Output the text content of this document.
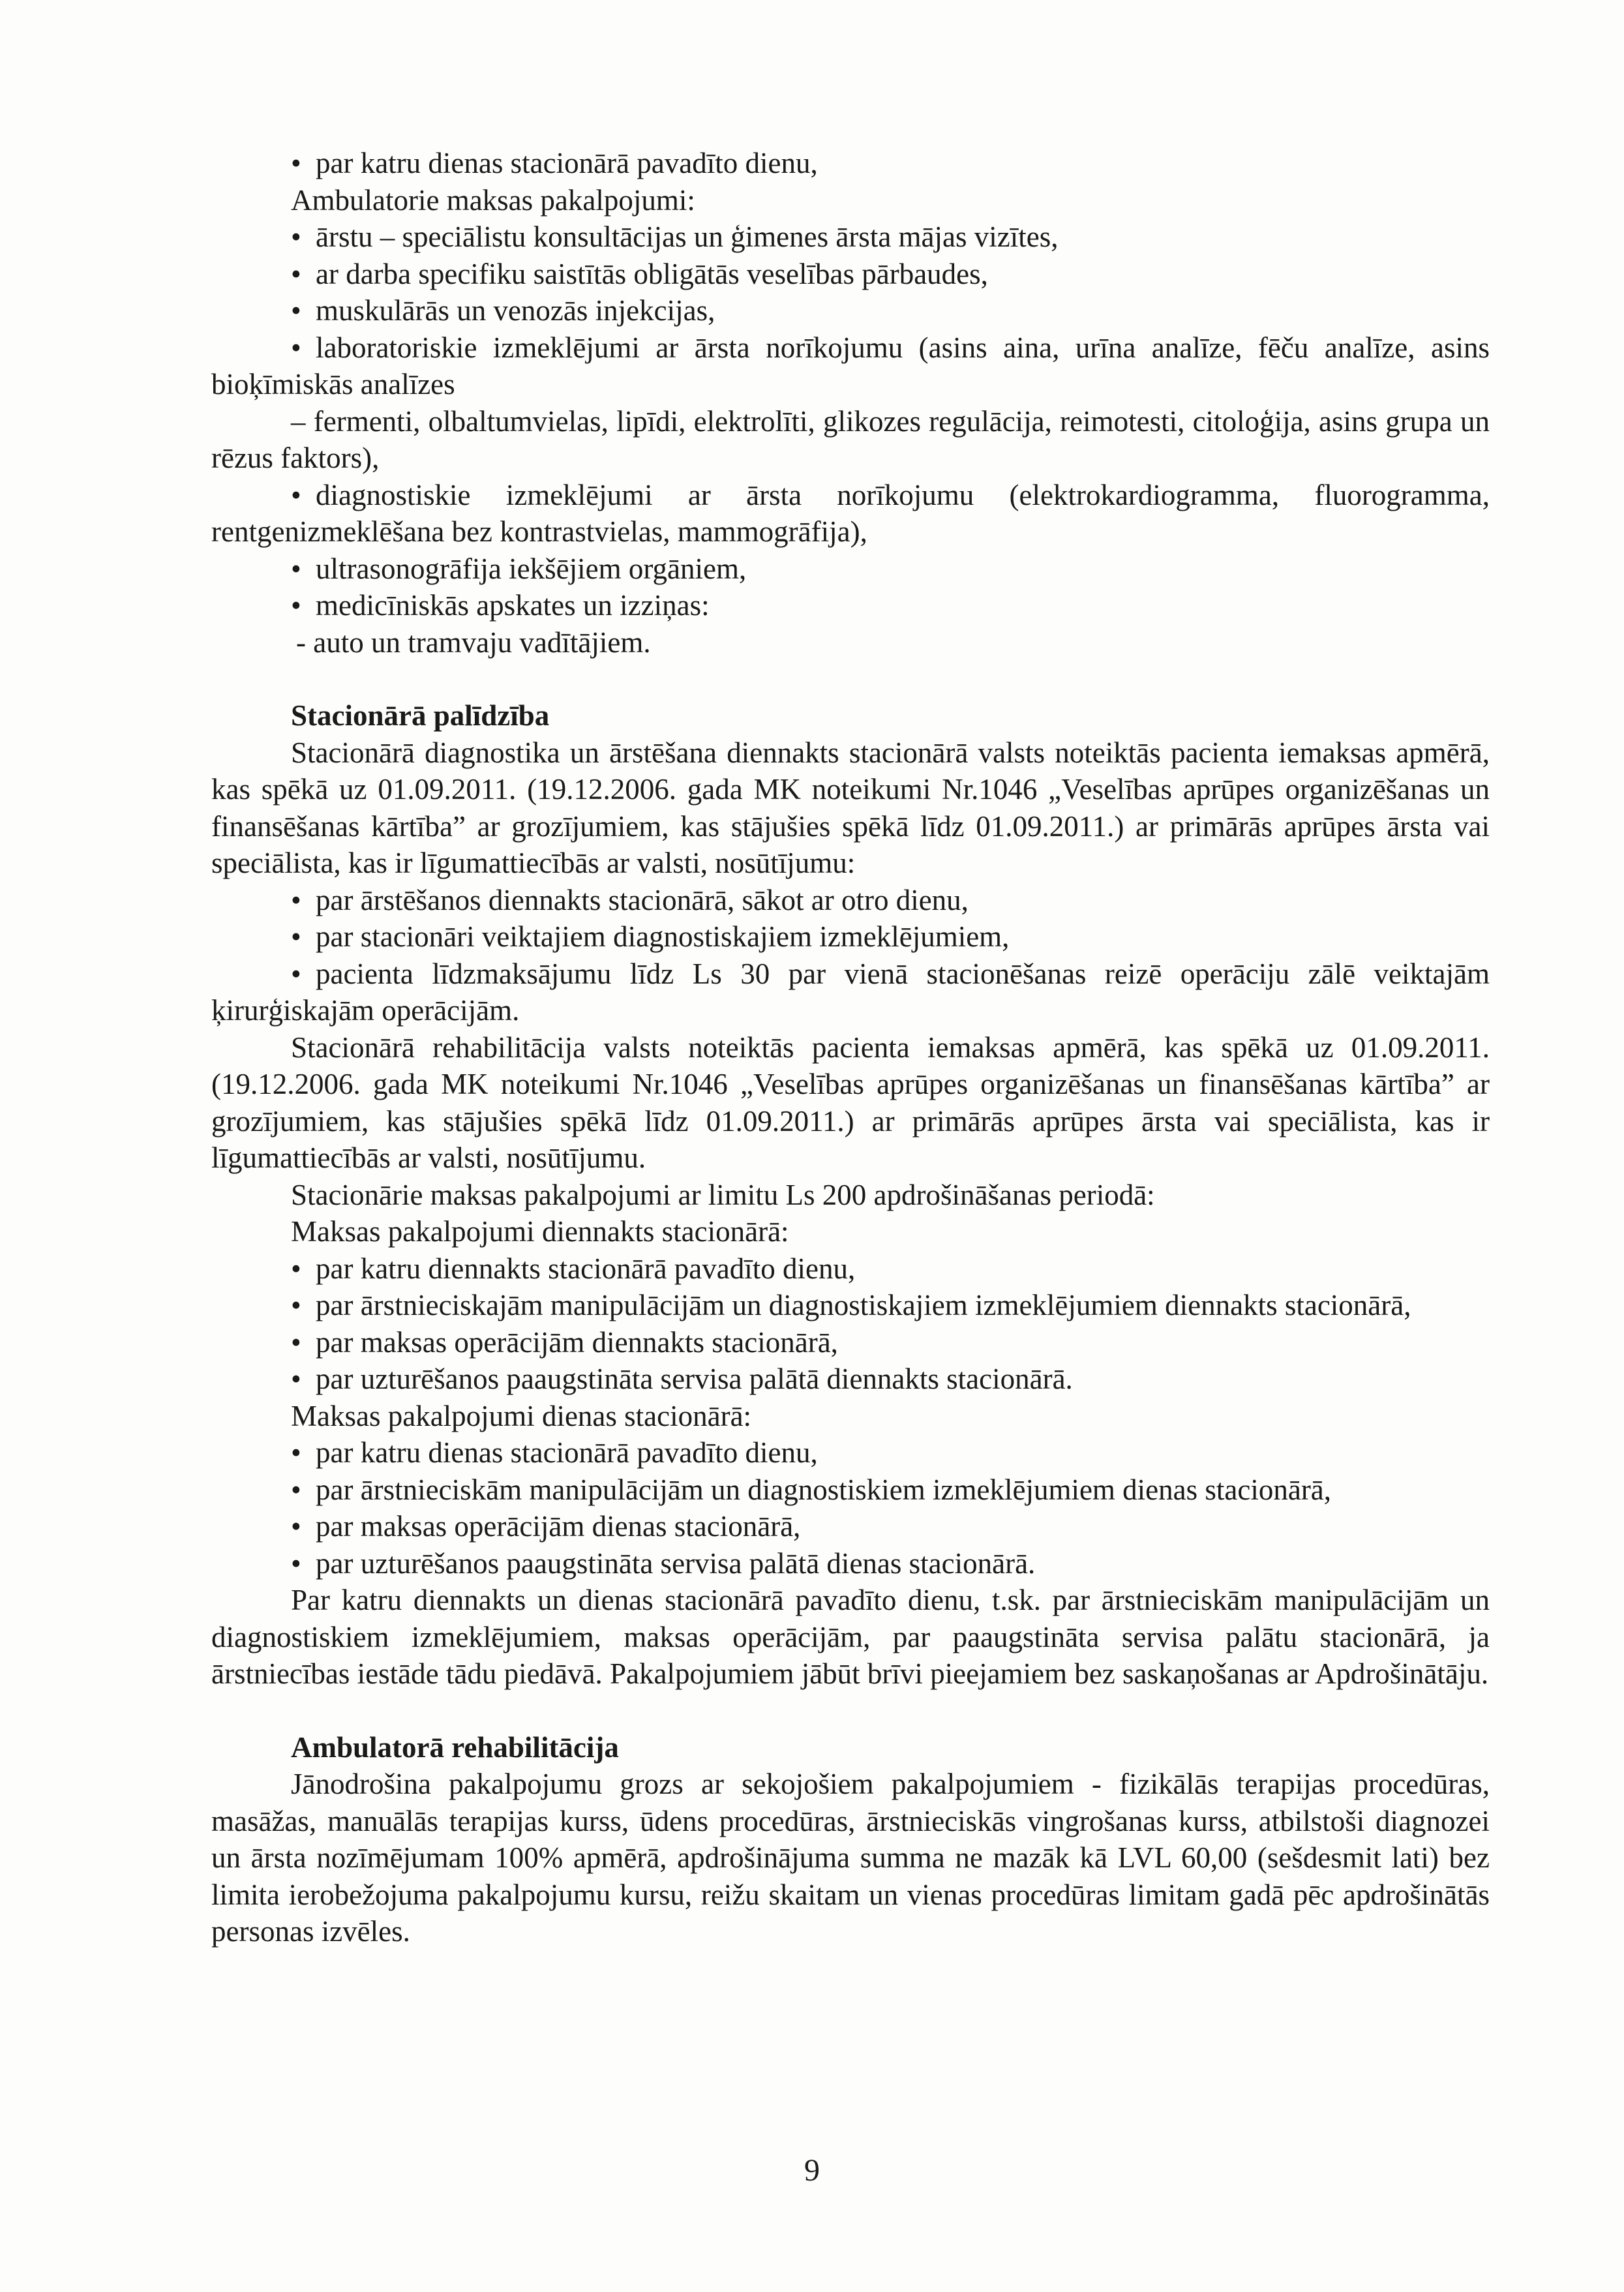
• par katru dienas stacionārā pavadīto dienu,

Ambulatorie maksas pakalpojumi:

• ārstu – speciālistu konsultācijas un ģimenes ārsta mājas vizītes,

• ar darba specifiku saistītās obligātās veselības pārbaudes,

• muskulārās un venozās injekcijas,

• laboratoriskie izmeklējumi ar ārsta norīkojumu (asins aina, urīna analīze, fēču analīze, asins bioķīmiskās analīzes

– fermenti, olbaltumvielas, lipīdi, elektrolīti, glikozes regulācija, reimotesti, citoloģija, asins grupa un rēzus faktors),

• diagnostiskie izmeklējumi ar ārsta norīkojumu (elektrokardiogramma, fluorogramma, rentgenizmeklēšana bez kontrastvielas, mammogrāfija),

• ultrasonogrāfija iekšējiem orgāniem,

• medicīniskās apskates un izziņas:

- auto un tramvaju vadītājiem.

Stacionārā palīdzība

Stacionārā diagnostika un ārstēšana diennakts stacionārā valsts noteiktās pacienta iemaksas apmērā, kas spēkā uz 01.09.2011. (19.12.2006. gada MK noteikumi Nr.1046 „Veselības aprūpes organizēšanas un finansēšanas kārtība” ar grozījumiem, kas stājušies spēkā līdz 01.09.2011.) ar primārās aprūpes ārsta vai speciālista, kas ir līgumattiecībās ar valsti, nosūtījumu:

• par ārstēšanos diennakts stacionārā, sākot ar otro dienu,

• par stacionāri veiktajiem diagnostiskajiem izmeklējumiem,

• pacienta līdzmaksājumu līdz Ls 30 par vienā stacionēšanas reizē operāciju zālē veiktajām ķirurģiskajām operācijām.

Stacionārā rehabilitācija valsts noteiktās pacienta iemaksas apmērā, kas spēkā uz 01.09.2011. (19.12.2006. gada MK noteikumi Nr.1046 „Veselības aprūpes organizēšanas un finansēšanas kārtība” ar grozījumiem, kas stājušies spēkā līdz 01.09.2011.) ar primārās aprūpes ārsta vai speciālista, kas ir līgumattiecībās ar valsti, nosūtījumu.

Stacionārie maksas pakalpojumi ar limitu Ls 200 apdrošināšanas periodā:

Maksas pakalpojumi diennakts stacionārā:

• par katru diennakts stacionārā pavadīto dienu,

• par ārstnieciskajām manipulācijām un diagnostiskajiem izmeklējumiem diennakts stacionārā,

• par maksas operācijām diennakts stacionārā,

• par uzturēšanos paaugstināta servisa palātā diennakts stacionārā.

Maksas pakalpojumi dienas stacionārā:

• par katru dienas stacionārā pavadīto dienu,

• par ārstnieciskām manipulācijām un diagnostiskiem izmeklējumiem dienas stacionārā,

• par maksas operācijām dienas stacionārā,

• par uzturēšanos paaugstināta servisa palātā dienas stacionārā.

Par katru diennakts un dienas stacionārā pavadīto dienu, t.sk. par ārstnieciskām manipulācijām un diagnostiskiem izmeklējumiem, maksas operācijām, par paaugstināta servisa palātu stacionārā, ja ārstniecības iestāde tādu piedāvā. Pakalpojumiem jābūt brīvi pieejamiem bez saskaņošanas ar Apdrošinātāju.

Ambulatorā rehabilitācija

Jānodrošina pakalpojumu grozs ar sekojošiem pakalpojumiem - fizikālās terapijas procedūras, masāžas, manuālās terapijas kurss, ūdens procedūras, ārstnieciskās vingrošanas kurss, atbilstoši diagnozei un ārsta nozīmējumam 100% apmērā, apdrošinājuma summa ne mazāk kā LVL 60,00 (sešdesmit lati) bez limita ierobežojuma pakalpojumu kursu, reižu skaitam un vienas procedūras limitam gadā pēc apdrošinātās personas izvēles.

9
